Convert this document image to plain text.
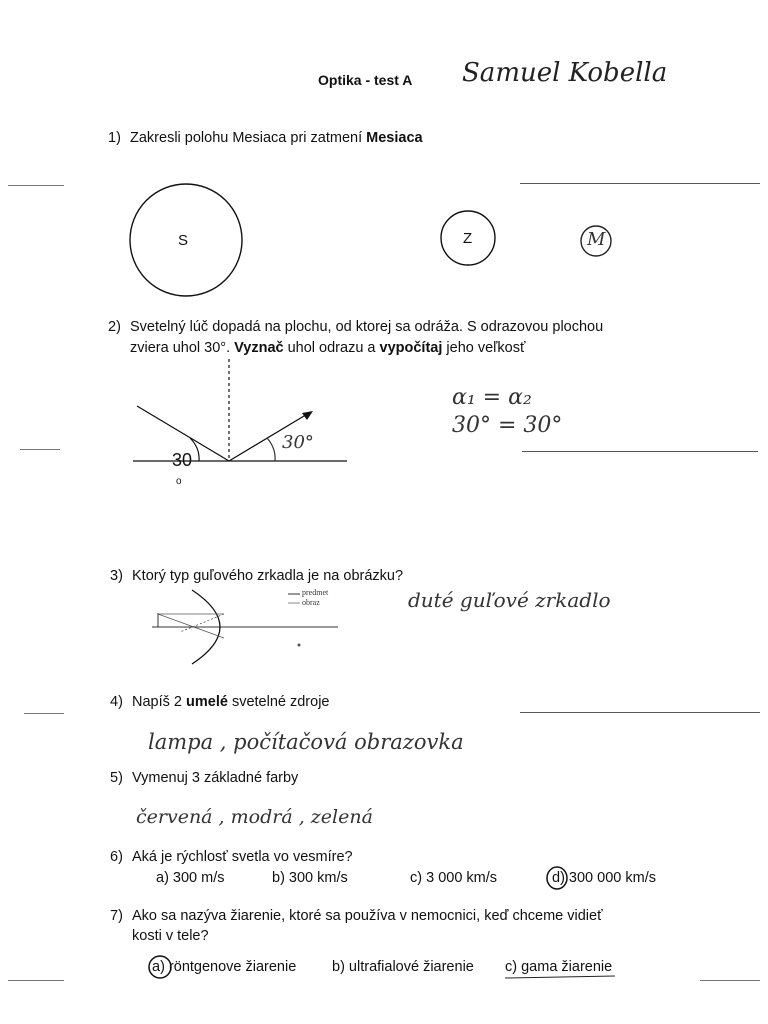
Optika - test A Samuel Kobella
1) Zakresli polohu Mesiaca pri zatmení Mesiaca
S	Z	M
2) Svetelný lúč dopadá na plochu, od ktorej sa odráža. S odrazovou plochou
zviera uhol 30°. Vyznač uhol odrazu a vypočítaj jeho veľkosť
30
o
30°
α₁ = α₂
30° = 30°
3) Ktorý typ guľového zrkadla je na obrázku?
predmet
obraz	duté guľové zrkadlo
4) Napíš 2 umelé svetelné zdroje
lampa , počítačová obrazovka
5) Vymenuj 3 základné farby
červená , modrá , zelená
6) Aká je rýchlosť svetla vo vesmíre?
a) 300 m/s	b) 300 km/s	c) 3 000 km/s	d) 300 000 km/s
7) Ako sa nazýva žiarenie, ktoré sa používa v nemocnici, keď chceme vidieť
kosti v tele?
a) röntgenove žiarenie b) ultrafialové žiarenie c) gama žiarenie
